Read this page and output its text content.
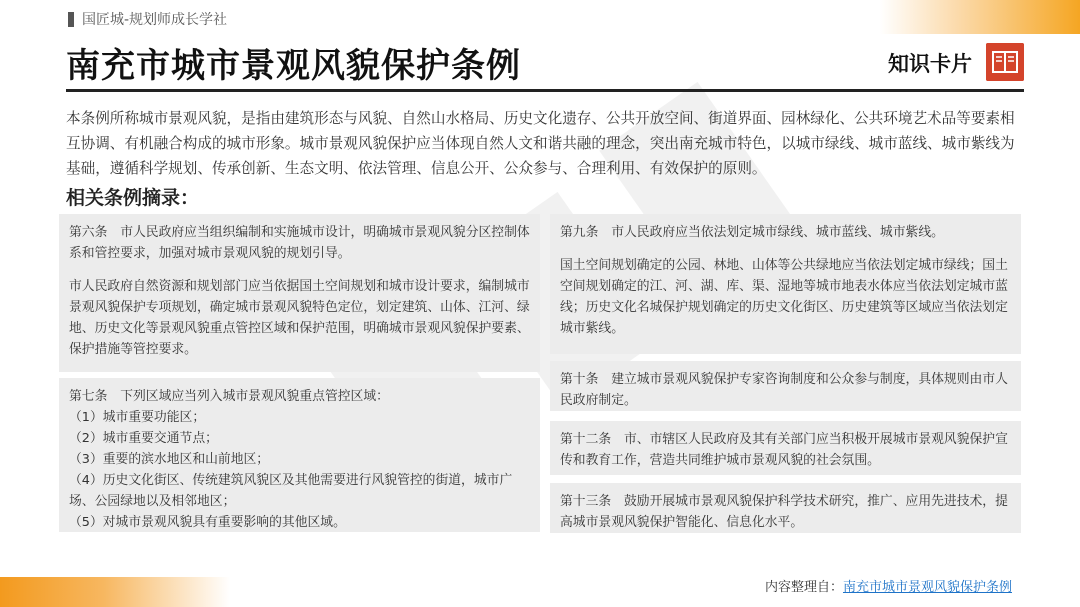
国匠城-规划师成长学社
南充市城市景观风貌保护条例	知识卡片

本条例所称城市景观风貌，是指由建筑形态与风貌、自然山水格局、历史文化遗存、公共开放空间、街道界面、园林绿化、公共环境艺术品等要素相互协调、有机融合构成的城市形象。城市景观风貌保护应当体现自然人文和谐共融的理念，突出南充城市特色，以城市绿线、城市蓝线、城市紫线为基础，遵循科学规划、传承创新、生态文明、依法管理、信息公开、公众参与、合理利用、有效保护的原则。

相关条例摘录：

第六条　市人民政府应当组织编制和实施城市设计，明确城市景观风貌分区控制体系和管控要求，加强对城市景观风貌的规划引导。

市人民政府自然资源和规划部门应当依据国土空间规划和城市设计要求，编制城市景观风貌保护专项规划，确定城市景观风貌特色定位，划定建筑、山体、江河、绿地、历史文化等景观风貌重点管控区域和保护范围，明确城市景观风貌保护要素、保护措施等管控要求。

第七条　下列区域应当列入城市景观风貌重点管控区域：

（1）城市重要功能区；

（2）城市重要交通节点；

（3）重要的滨水地区和山前地区；

（4）历史文化街区、传统建筑风貌区及其他需要进行风貌管控的街道，城市广场、公园绿地以及相邻地区；

（5）对城市景观风貌具有重要影响的其他区域。

第九条　市人民政府应当依法划定城市绿线、城市蓝线、城市紫线。

国土空间规划确定的公园、林地、山体等公共绿地应当依法划定城市绿线；国土空间规划确定的江、河、湖、库、渠、湿地等城市地表水体应当依法划定城市蓝线；历史文化名城保护规划确定的历史文化街区、历史建筑等区域应当依法划定城市紫线。

第十条　建立城市景观风貌保护专家咨询制度和公众参与制度，具体规则由市人民政府制定。

第十二条　市、市辖区人民政府及其有关部门应当积极开展城市景观风貌保护宣传和教育工作，营造共同维护城市景观风貌的社会氛围。

第十三条　鼓励开展城市景观风貌保护科学技术研究，推广、应用先进技术，提高城市景观风貌保护智能化、信息化水平。

内容整理自：南充市城市景观风貌保护条例
